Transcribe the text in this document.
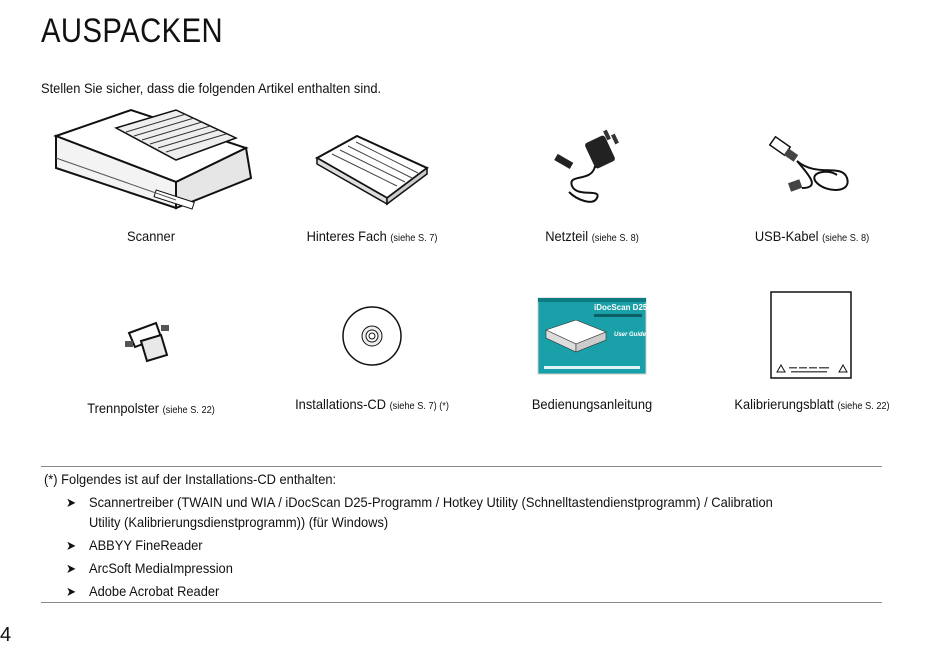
AUSPACKEN
Stellen Sie sicher, dass die folgenden Artikel enthalten sind.
Scanner	Hinteres Fach (siehe S. 7)	Netzteil (siehe S. 8)	USB-Kabel (siehe S. 8)
Trennpolster (siehe S. 22)	Installations-CD (siehe S. 7) (*)
iDocScan D25
User Guide
Bedienungsanleitung	Kalibrierungsblatt (siehe S. 22)
(*) Folgendes ist auf der Installations-CD enthalten:
➤ Scannertreiber (TWAIN und WIA / iDocScan D25-Programm / Hotkey Utility (Schnelltastendienstprogramm) / Calibration Utility (Kalibrierungsdienstprogramm)) (für Windows)
➤ ABBYY FineReader
➤ ArcSoft MediaImpression
➤ Adobe Acrobat Reader
4
